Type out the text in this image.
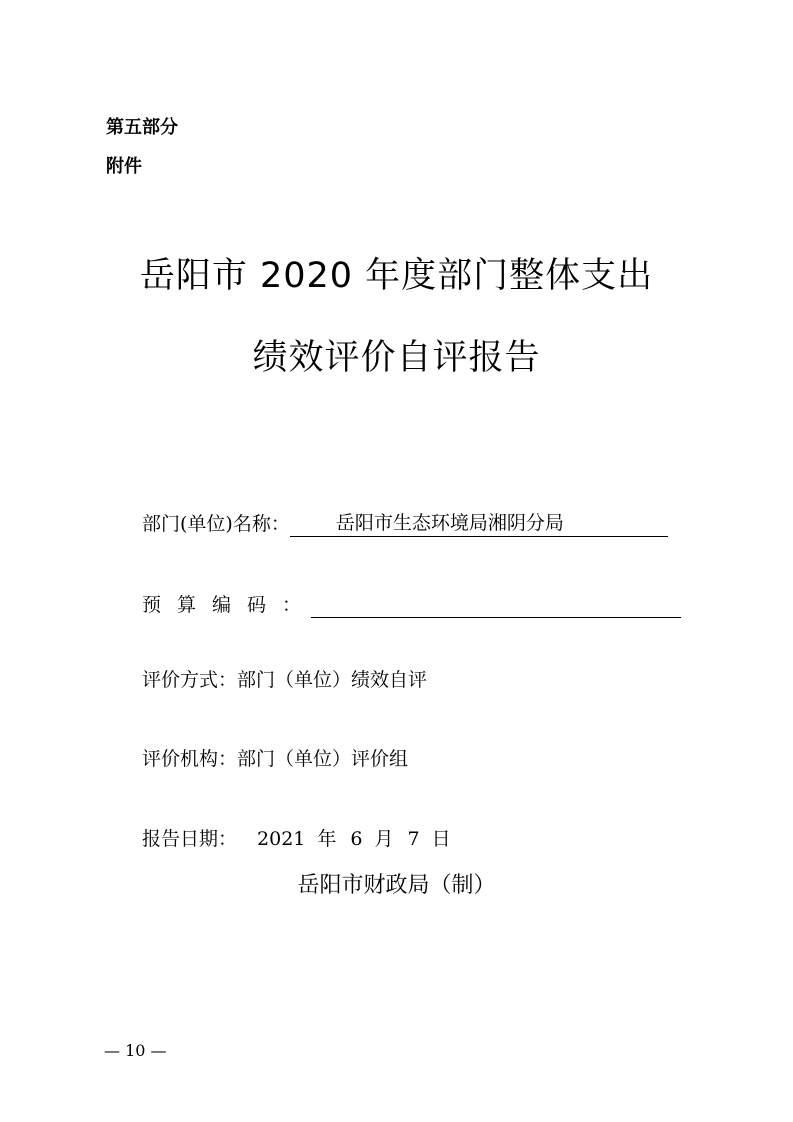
第五部分
附件
岳阳市 2020 年度部门整体支出
绩效评价自评报告
部门(单位)名称： 岳阳市生态环境局湘阴分局
预算编码：
评价方式：部门（单位）绩效自评
评价机构：部门（单位）评价组
报告日期： 2021 年 6 月 7 日
岳阳市财政局（制）
— 10 —
